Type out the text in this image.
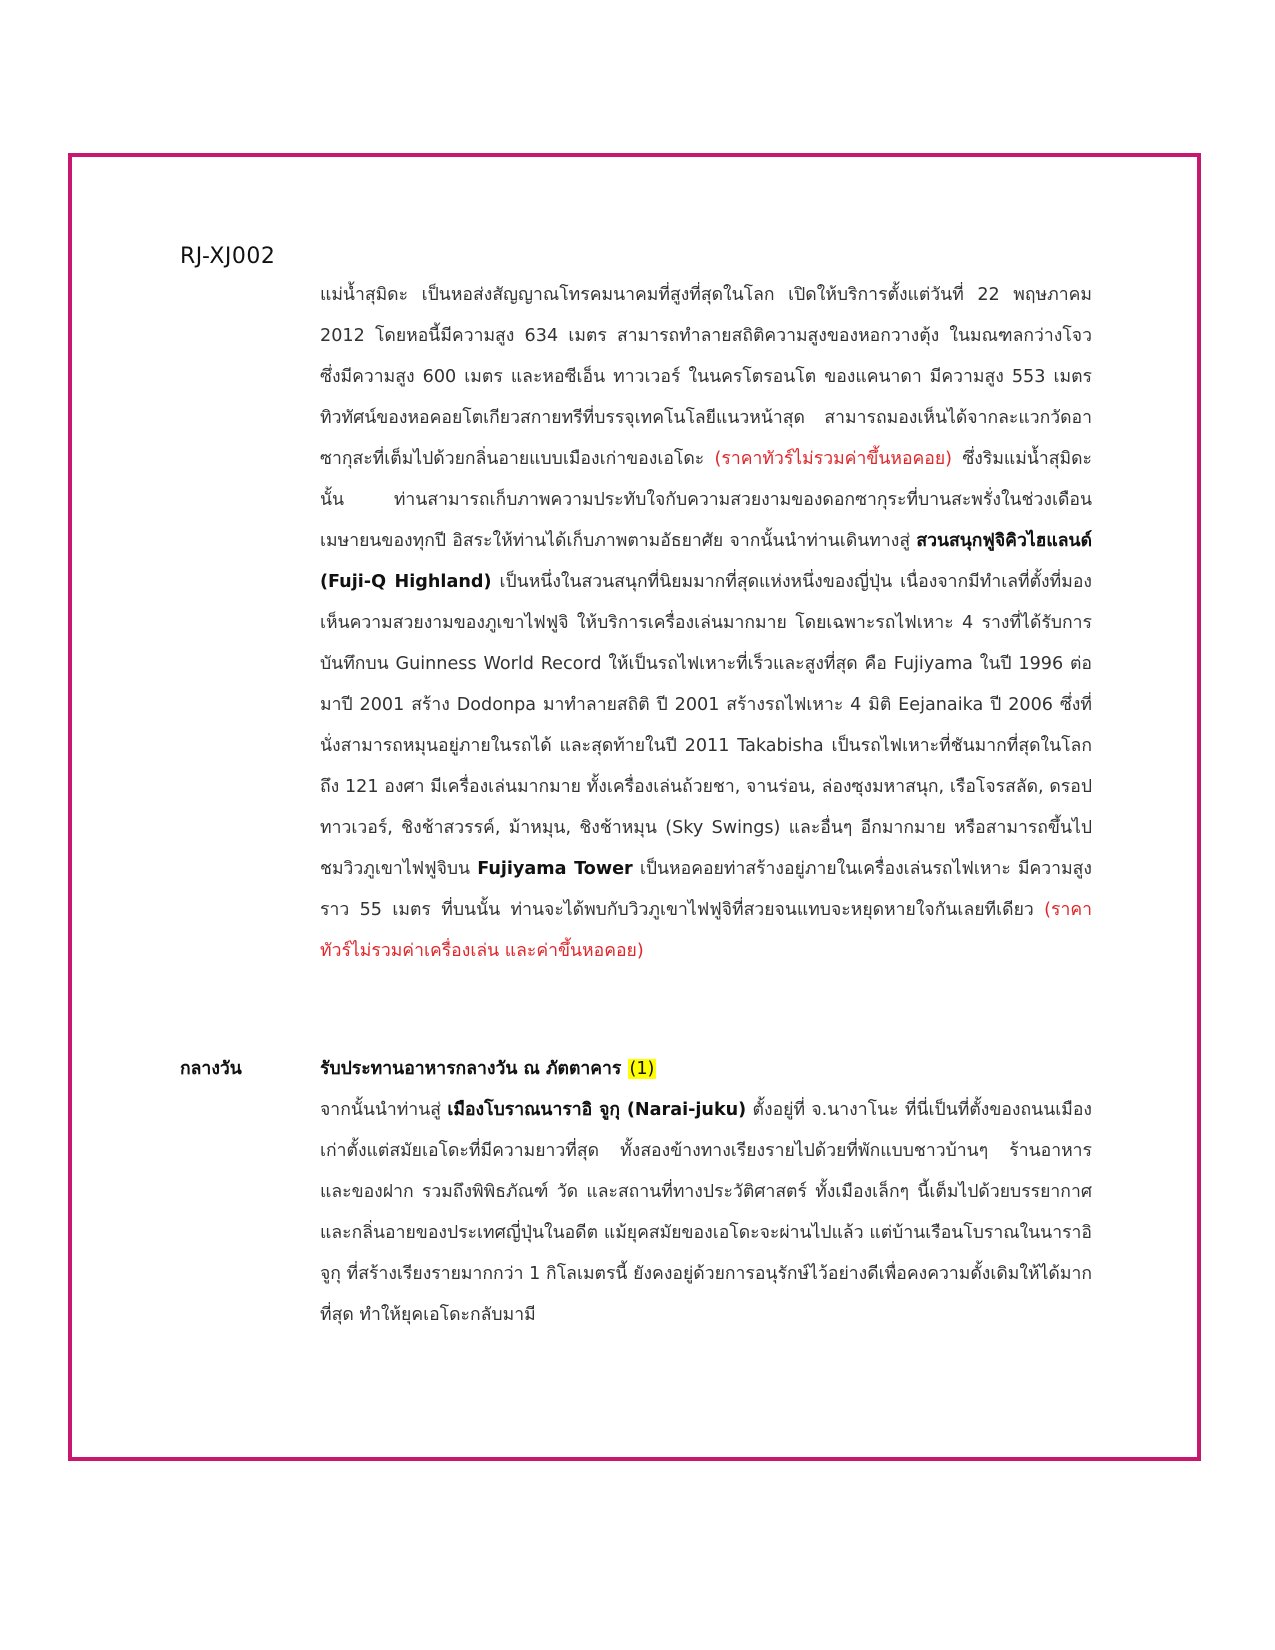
RJ-XJ002
แม่น้ำสุมิดะ เป็นหอส่งสัญญาณโทรคมนาคมที่สูงที่สุดในโลก เปิดให้บริการตั้งแต่วันที่ 22 พฤษภาคม 2012 โดยหอนี้มีความสูง 634 เมตร สามารถทำลายสถิติความสูงของหอกวางตุ้ง ในมณฑลกว่างโจว ซึ่งมีความสูง 600 เมตร และหอซีเอ็น ทาวเวอร์ ในนครโตรอนโต ของแคนาดา มีความสูง 553 เมตร ทิวทัศน์ของหอคอยโตเกียวสกายทรีที่บรรจุเทคโนโลยีแนวหน้าสุด สามารถมองเห็นได้จากละแวกวัดอาซากุสะที่เต็มไปด้วยกลิ่นอายแบบเมืองเก่าของเอโดะ (ราคาทัวร์ไม่รวมค่าขึ้นหอคอย) ซึ่งริมแม่น้ำสุมิดะนั้น ท่านสามารถเก็บภาพความประทับใจกับความสวยงามของดอกซากุระที่บานสะพรั่งในช่วงเดือนเมษายนของทุกปี อิสระให้ท่านได้เก็บภาพตามอัธยาศัย จากนั้นนำท่านเดินทางสู่ สวนสนุกฟูจิคิวไฮแลนด์ (Fuji-Q Highland) เป็นหนึ่งในสวนสนุกที่นิยมมากที่สุดแห่งหนึ่งของญี่ปุ่น เนื่องจากมีทำเลที่ตั้งที่มองเห็นความสวยงามของภูเขาไฟฟูจิ ให้บริการเครื่องเล่นมากมาย โดยเฉพาะรถไฟเหาะ 4 รางที่ได้รับการบันทึกบน Guinness World Record ให้เป็นรถไฟเหาะที่เร็วและสูงที่สุด คือ Fujiyama ในปี 1996 ต่อมาปี 2001 สร้าง Dodonpa มาทำลายสถิติ ปี 2001 สร้างรถไฟเหาะ 4 มิติ Eejanaika ปี 2006 ซึ่งที่นั่งสามารถหมุนอยู่ภายในรถได้ และสุดท้ายในปี 2011 Takabisha เป็นรถไฟเหาะที่ชันมากที่สุดในโลกถึง 121 องศา มีเครื่องเล่นมากมาย ทั้งเครื่องเล่นถ้วยชา, จานร่อน, ล่องซุงมหาสนุก, เรือโจรสลัด, ดรอปทาวเวอร์, ชิงช้าสวรรค์, ม้าหมุน, ชิงช้าหมุน (Sky Swings) และอื่นๆ อีกมากมาย หรือสามารถขึ้นไปชมวิวภูเขาไฟฟูจิบน Fujiyama Tower เป็นหอคอยท่าสร้างอยู่ภายในเครื่องเล่นรถไฟเหาะ มีความสูงราว 55 เมตร ที่บนนั้น ท่านจะได้พบกับวิวภูเขาไฟฟูจิที่สวยจนแทบจะหยุดหายใจกันเลยทีเดียว (ราคาทัวร์ไม่รวมค่าเครื่องเล่น และค่าขึ้นหอคอย)
กลางวัน	รับประทานอาหารกลางวัน ณ ภัตตาคาร (1)
จากนั้นนำท่านสู่ เมืองโบราณนาราอิ จูกุ (Narai-juku) ตั้งอยู่ที่ จ.นางาโนะ ที่นี่เป็นที่ตั้งของถนนเมืองเก่าตั้งแต่สมัยเอโดะที่มีความยาวที่สุด ทั้งสองข้างทางเรียงรายไปด้วยที่พักแบบชาวบ้านๆ ร้านอาหาร และของฝาก รวมถึงพิพิธภัณฑ์ วัด และสถานที่ทางประวัติศาสตร์ ทั้งเมืองเล็กๆ นี้เต็มไปด้วยบรรยากาศ และกลิ่นอายของประเทศญี่ปุ่นในอดีต แม้ยุคสมัยของเอโดะจะผ่านไปแล้ว แต่บ้านเรือนโบราณในนาราอิ จูกุ ที่สร้างเรียงรายมากกว่า 1 กิโลเมตรนี้ ยังคงอยู่ด้วยการอนุรักษ์ไว้อย่างดีเพื่อคงความดั้งเดิมให้ได้มากที่สุด ทำให้ยุคเอโดะกลับมามี
